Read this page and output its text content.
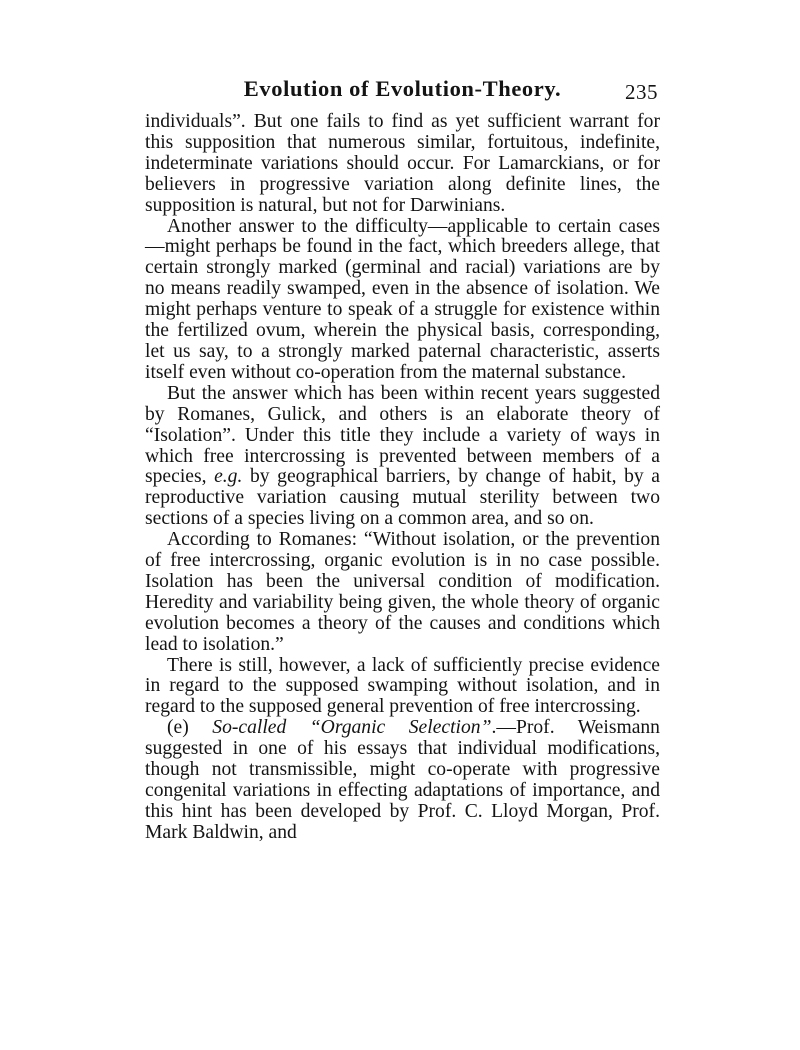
Evolution of Evolution-Theory.	235

individuals”. But one fails to find as yet sufficient warrant for this supposition that numerous similar, fortuitous, indefinite, indeterminate variations should occur. For Lamarckians, or for believers in progressive variation along definite lines, the supposition is natural, but not for Darwinians.

Another answer to the difficulty—applicable to certain cases—might perhaps be found in the fact, which breeders allege, that certain strongly marked (germinal and racial) variations are by no means readily swamped, even in the absence of isolation. We might perhaps venture to speak of a struggle for existence within the fertilized ovum, wherein the physical basis, corresponding, let us say, to a strongly marked paternal characteristic, asserts itself even without co-operation from the maternal substance.

But the answer which has been within recent years suggested by Romanes, Gulick, and others is an elaborate theory of “Isolation”. Under this title they include a variety of ways in which free intercrossing is prevented between members of a species, e.g. by geographical barriers, by change of habit, by a reproductive variation causing mutual sterility between two sections of a species living on a common area, and so on.

According to Romanes: “Without isolation, or the prevention of free intercrossing, organic evolution is in no case possible. Isolation has been the universal condition of modification. Heredity and variability being given, the whole theory of organic evolution becomes a theory of the causes and conditions which lead to isolation.”

There is still, however, a lack of sufficiently precise evidence in regard to the supposed swamping without isolation, and in regard to the supposed general prevention of free intercrossing.

(e) So-called “Organic Selection”.—Prof. Weismann suggested in one of his essays that individual modifications, though not transmissible, might co-operate with progressive congenital variations in effecting adaptations of importance, and this hint has been developed by Prof. C. Lloyd Morgan, Prof. Mark Baldwin, and
